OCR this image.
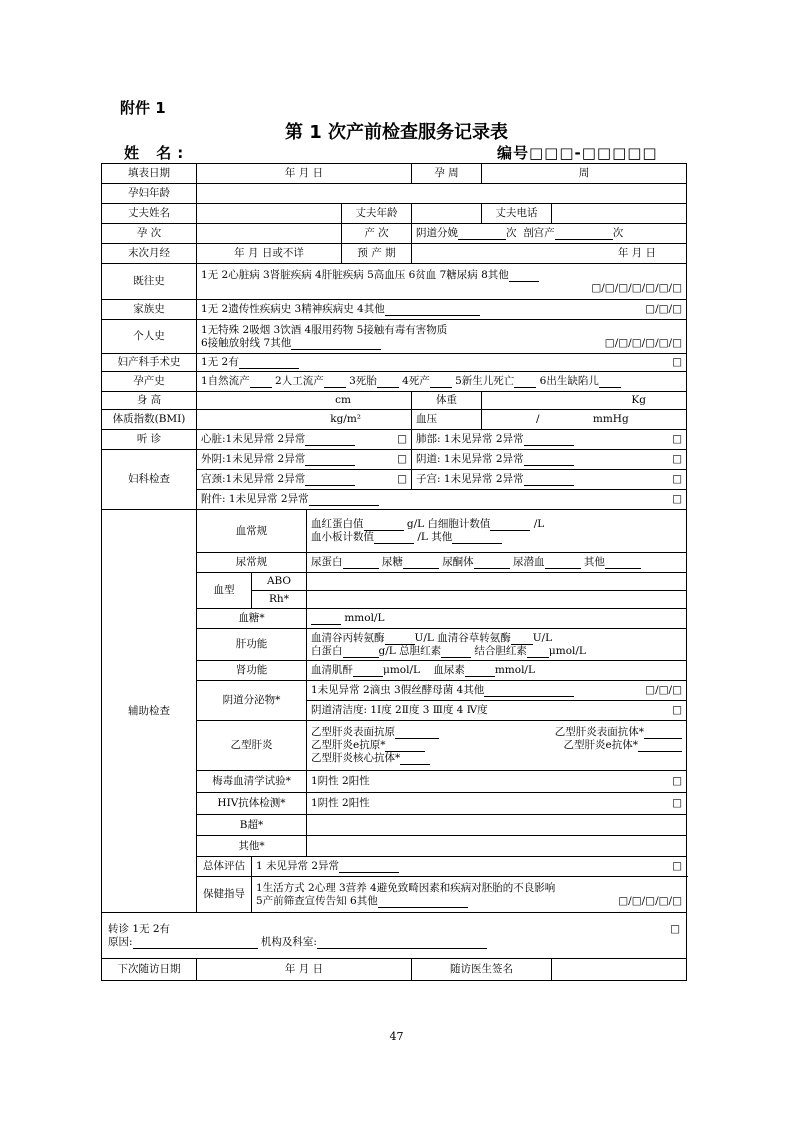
附件 1
第 1 次产前检查服务记录表
姓 名:	编号□□□-□□□□□
填表日期	年 月 日				孕 周	周	
孕妇年龄							
丈夫姓名				丈夫年龄		丈夫电话	
孕 次				产 次	阴道分娩 次 剖宫产 次		
末次月经	年 月 日或不详			预 产 期	年 月 日		
既往史	1无 2心脏病 3肾脏疾病 4肝脏疾病 5高血压 6贫血 7糖尿病 8其他
□/□/□/□/□/□/□						

家族史	1无 2遗传性疾病史 3精神疾病史 4其他 □/□/□						

个人史	1无特殊 2吸烟 3饮酒 4服用药物 5接触有毒有害物质
6接触放射线 7其他 □/□/□/□/□/□						

妇产科手术史	1无 2有 □						

孕产史	1自然流产 2人工流产 3死胎 4死产 5新生儿死亡 6出生缺陷儿						
身 高	cm				体重	Kg	
体质指数(BMI)	kg/m²				血压	/ mmHg	
听 诊	心脏:1未见异常 2异常 □				肺部: 1未见异常 2异常 □		

妇科检查	外阴:1未见异常 2异常 □				阴道: 1未见异常 2异常 □		

	宫颈:1未见异常 2异常 □				子宫: 1未见异常 2异常 □		

	附件: 1未见异常 2异常 □						

辅助检查	血常规		血红蛋白值 g/L 白细胞计数值 /L
血小板计数值 /L 其他				

	尿常规		尿蛋白 尿糖 尿酮体 尿潜血 其他				
	血型	ABO					
		Rh*					
	血糖*		mmol/L				
	肝功能		血清谷丙转氨酶 U/L 血清谷草转氨酶 U/L
白蛋白 g/L 总胆红素 结合胆红素 μmol/L				

	肾功能		血清肌酐 μmol/L 血尿素 mmol/L				
	阴道分泌物*		1未见异常 2滴虫 3假丝酵母菌 4其他 □/□/□				

			阴道清洁度: 1Ⅰ度 2Ⅱ度 3 Ⅲ度 4 Ⅳ度 □				

	乙型肝炎		乙型肝炎表面抗原 乙型肝炎表面抗体*
乙型肝炎e抗原* 乙型肝炎e抗体*
乙型肝炎核心抗体*				

	梅毒血清学试验*		1阴性 2阳性 □				

	HIV抗体检测*		1阴性 2阳性 □				

	B超*						
	其他*						
	总体评估	1 未见异常 2异常 □					

	保健指导	1生活方式 2心理 3营养 4避免致畸因素和疾病对胚胎的不良影响
5产前筛查宣传告知 6其他 □/□/□/□/□					

转诊 1无 2有 □
原因: 机构及科室:							

下次随访日期	年 月 日				随访医生签名		
47
